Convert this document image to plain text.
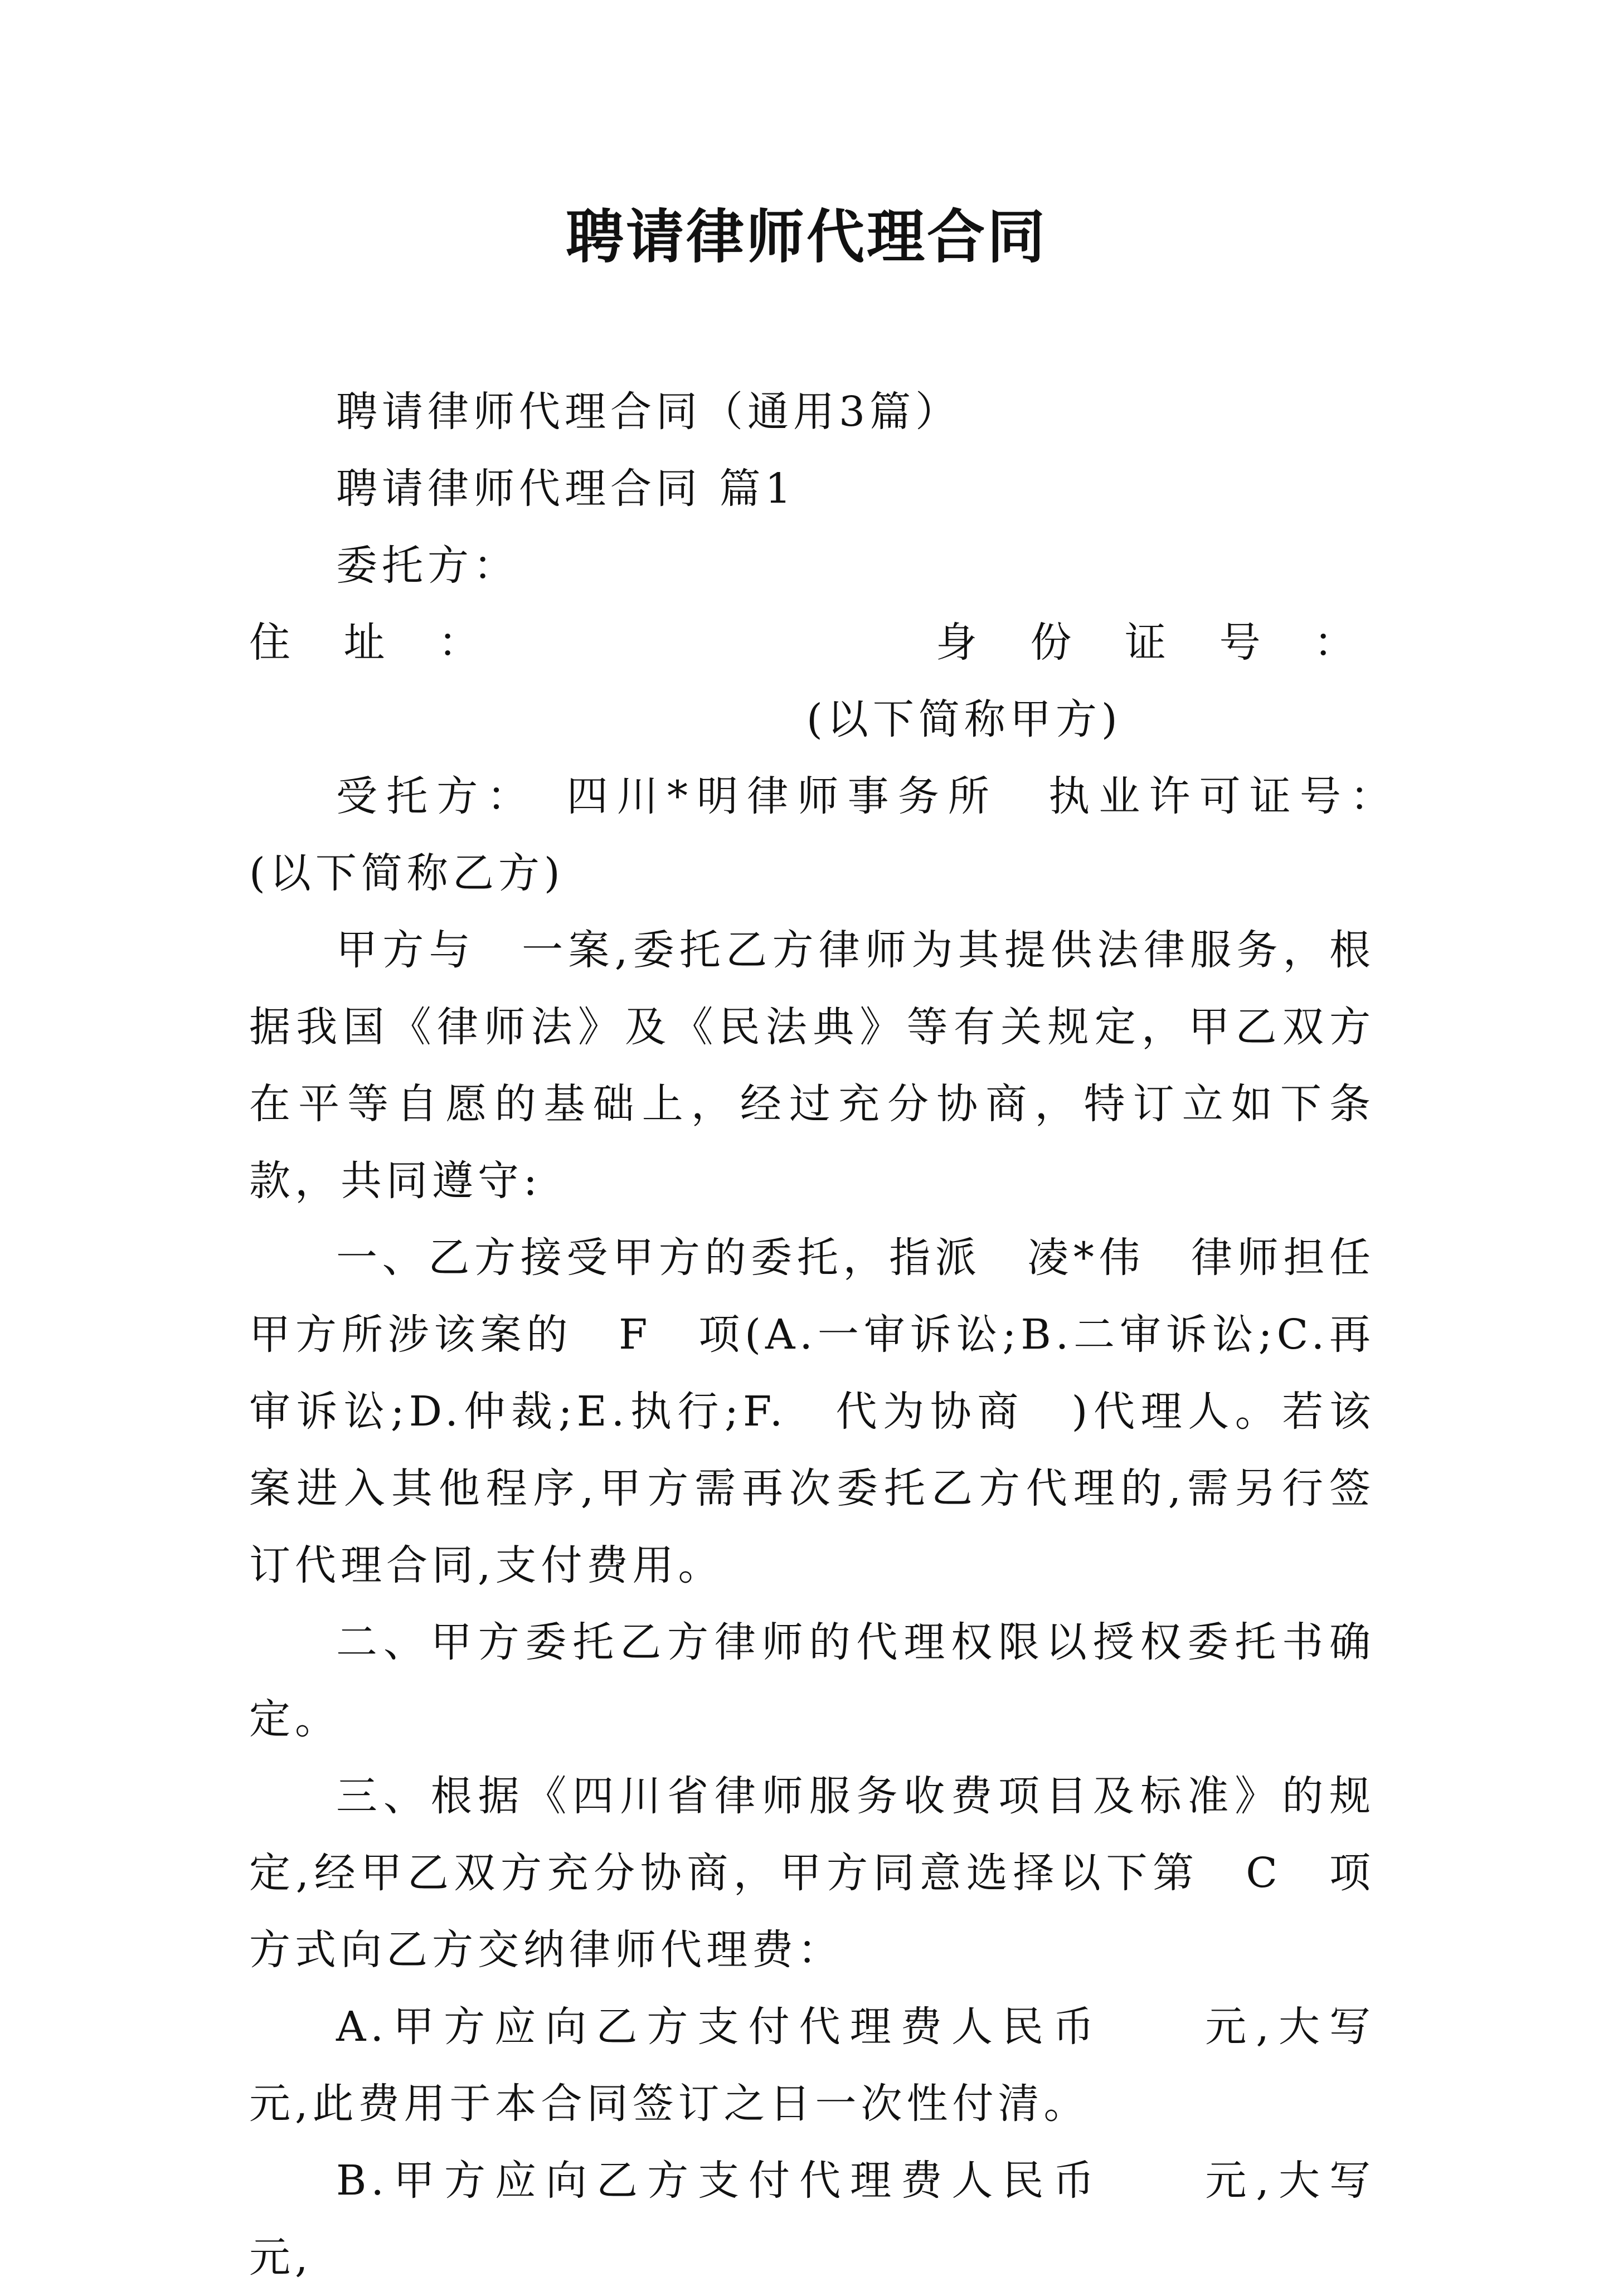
聘请律师代理合同

聘请律师代理合同（通用3篇）

聘请律师代理合同 篇1

委托方：

住 址 ：	身 份 证 号 ：

(以下简称甲方)

受托方：　四川*明律师事务所　执业许可证号：　(以下简称乙方)

甲方与　一案,委托乙方律师为其提供法律服务，根据我国《律师法》及《民法典》等有关规定，甲乙双方在平等自愿的基础上，经过充分协商，特订立如下条款，共同遵守:

一、乙方接受甲方的委托，指派　凌*伟　律师担任甲方所涉该案的　F　项(A.一审诉讼;B.二审诉讼;C.再审诉讼;D.仲裁;E.执行;F.　代为协商　)代理人。若该案进入其他程序,甲方需再次委托乙方代理的,需另行签订代理合同,支付费用。

二、甲方委托乙方律师的代理权限以授权委托书确定。

三、根据《四川省律师服务收费项目及标准》的规定,经甲乙双方充分协商，甲方同意选择以下第　C　项方式向乙方交纳律师代理费：

A.甲方应向乙方支付代理费人民币　　元,大写　　元,此费用于本合同签订之日一次性付清。

B.甲方应向乙方支付代理费人民币　　元,大写　　元,
